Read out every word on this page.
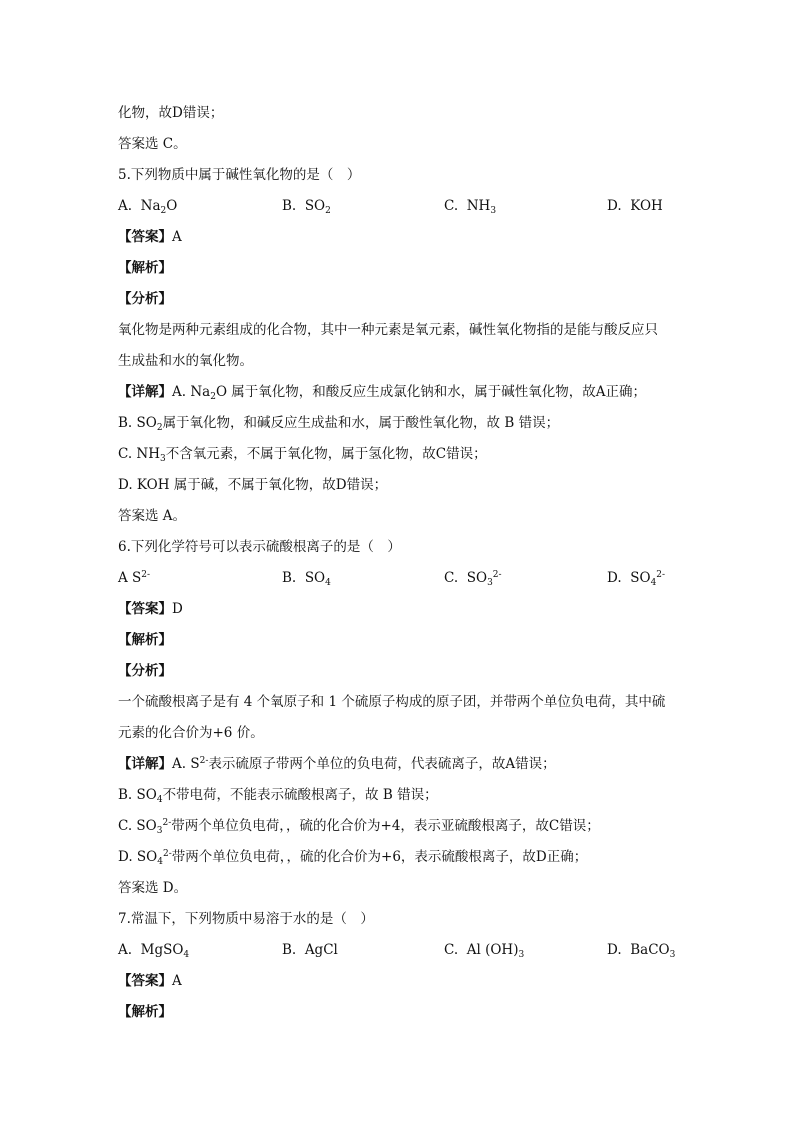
化物，故D错误；
答案选 C。
5.下列物质中属于碱性氧化物的是（　）
A. $Na_2O$	B. $SO_2$	C. $NH_3$	D. KOH
【答案】A
【解析】
【分析】
氧化物是两种元素组成的化合物，其中一种元素是氧元素，碱性氧化物指的是能与酸反应只
生成盐和水的氧化物。
【详解】A. $Na_2O$ 属于氧化物，和酸反应生成氯化钠和水，属于碱性氧化物，故A正确；
B. $SO_2$属于氧化物，和碱反应生成盐和水，属于酸性氧化物，故 B 错误；
C. $NH_3$不含氧元素，不属于氧化物，属于氢化物，故C错误；
D. KOH 属于碱，不属于氧化物，故D错误；
答案选 A。
6.下列化学符号可以表示硫酸根离子的是（　）
A $S^{2-}$	B. $SO_4$	C. $SO_3^{2-}$	D. $SO_4^{2-}$
【答案】D
【解析】
【分析】
一个硫酸根离子是有 4 个氧原子和 1 个硫原子构成的原子团，并带两个单位负电荷，其中硫
元素的化合价为+6 价。
【详解】A. $S^{2-}$表示硫原子带两个单位的负电荷，代表硫离子，故A错误；
B. $SO_4$不带电荷，不能表示硫酸根离子，故 B 错误；
C. $SO_3^{2-}$带两个单位负电荷，，硫的化合价为+4，表示亚硫酸根离子，故C错误；
D. $SO_4^{2-}$带两个单位负电荷，，硫的化合价为+6，表示硫酸根离子，故D正确；
答案选 D。
7.常温下，下列物质中易溶于水的是（　）
A. MgSO$_4$	B. AgCl	C. Al $(OH)_3$	D. BaCO$_3$
【答案】A
【解析】
